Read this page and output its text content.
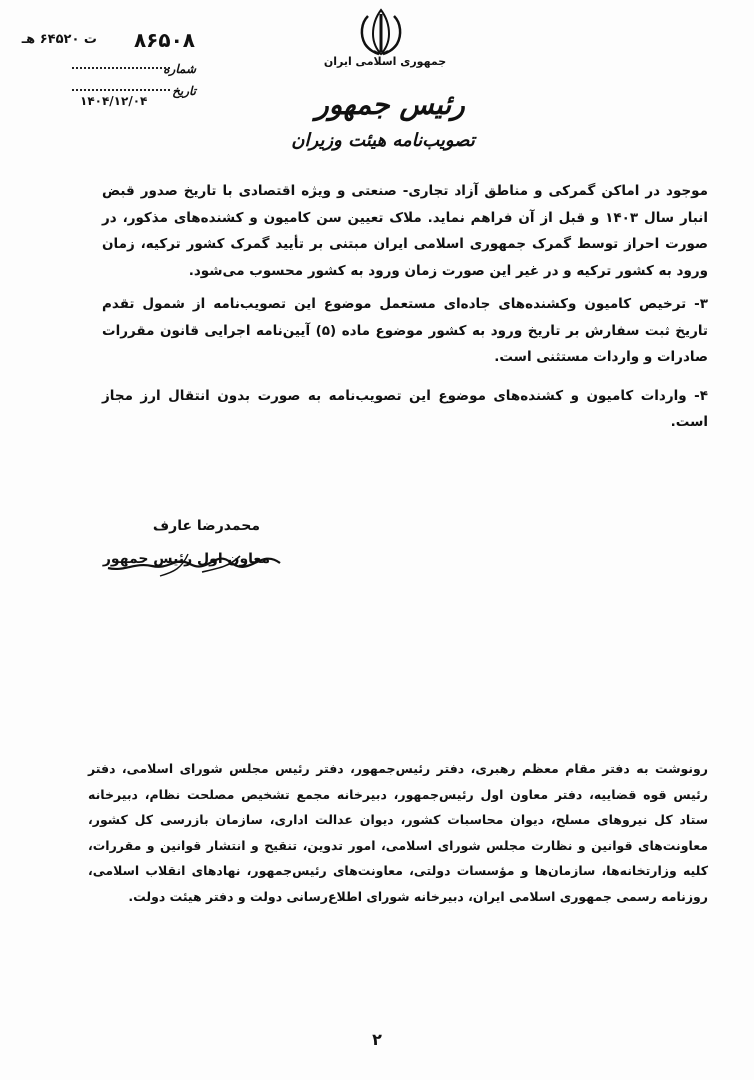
جمهوری اسلامی ایران
رئیس جمهور
تصویب‌نامه هیئت وزیران
۸۶۵۰۸
ت ۶۴۵۲۰ هـ
شماره
تاریخ
۱۴۰۴/۱۲/۰۴

موجود در اماکن گمرکی و مناطق آزاد تجاری- صنعتی و ویژه اقتصادی با تاریخ صدور قبض انبار سال ۱۴۰۳ و قبل از آن فراهم نماید. ملاک تعیین سن کامیون و کشنده‌های مذکور، در صورت احراز توسط گمرک جمهوری اسلامی ایران مبتنی بر تأیید گمرک کشور ترکیه، زمان ورود به کشور ترکیه و در غیر این صورت زمان ورود به کشور محسوب می‌شود.

۳- ترخیص کامیون وکشنده‌های جاده‌ای مستعمل موضوع این تصویب‌نامه از شمول تقدم تاریخ ثبت سفارش بر تاریخ ورود به کشور موضوع ماده (۵) آیین‌نامه اجرایی قانون مقررات صادرات و واردات مستثنی است.

۴- واردات کامیون و کشنده‌های موضوع این تصویب‌نامه به صورت بدون انتقال ارز مجاز است.

محمدرضا عارف
معاون اول رئیس جمهور
رونوشت به دفتر مقام معظم رهبری، دفتر رئیس‌جمهور، دفتر رئیس مجلس شورای اسلامی، دفتر رئیس قوه قضاییه، دفتر معاون اول رئیس‌جمهور، دبیرخانه مجمع تشخیص مصلحت نظام، دبیرخانه ستاد کل نیروهای مسلح، دیوان محاسبات کشور، دیوان عدالت اداری، سازمان بازرسی کل کشور، معاونت‌های قوانین و نظارت مجلس شورای اسلامی، امور تدوین، تنقیح و انتشار قوانین و مقررات، کلیه وزارتخانه‌ها، سازمان‌ها و مؤسسات دولتی، معاونت‌های رئیس‌جمهور، نهادهای انقلاب اسلامی، روزنامه رسمی جمهوری اسلامی ایران، دبیرخانه شورای اطلاع‌رسانی دولت و دفتر هیئت دولت.
۲
